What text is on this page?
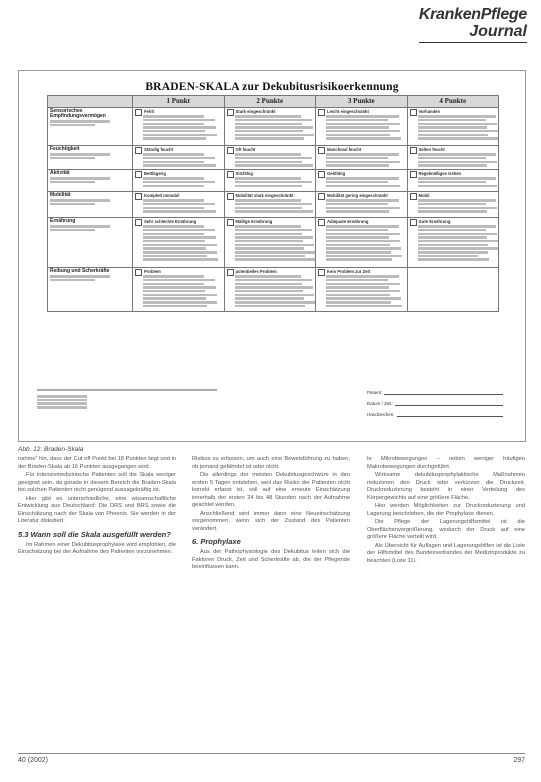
KrankenPflege
Journal
BRADEN-SKALA zur Dekubitusrisikoerkennung
	1 Punkt	2 Punkte	3 Punkte	4 Punkte

Sensorisches Empfindungsvermögen	Fehlt	Stark eingeschränkt	Leicht eingeschränkt	Vorhanden

Feuchtigkeit	Ständig feucht	Oft feucht	Manchmal feucht	Selten feucht

Aktivität	Bettlägerig	Sitzfähig	Gehfähig	Regelmäßiges Gehen

Mobilität	Komplett immobil	Mobilität stark eingeschränkt	Mobilität gering eingeschränkt	Mobil

Ernährung	Sehr schlechte Ernährung	Mäßige Ernährung	Adäquate Ernährung	Gute Ernährung

Reibung und Scherkräfte	Problem	potentielles Problem	Kein Problem zur Zeit	

Patient:
Datum / Zeit:
Handzeichen:
Abb. 12: Braden-Skala

nahme" hin, dass der Cut off Punkt bei 18 Punkten liegt und in der Braden-Skala ab 16 Punkten ausgegangen wird.

Für intensivmedizinische Patienten soll die Skala weniger geeignet sein, da gerade in diesem Bereich die Braden-Skala bei solchen Patienten nicht genügend aussagekräftig ist.

Hier gibt es unterschiedliche, eine wissenschaftliche Entwicklung aus Deutschland: Die DRS und BRS sowie die Einschätzung nach der Skala von Phoenix. Sie werden in der Literatur diskutiert.

5.3 Wann soll die Skala ausgefüllt werden?

Im Rahmen einer Dekubitusprophylaxe wird empfohlen, die Einschätzung bei der Aufnahme des Patienten vorzunehmen.

Risikos zu erfassen, um auch eine Beweisführung zu haben, ob jemand gefährdet ist oder nicht.

Die allerdings der meisten Dekubitusgeschwüre in den ersten 5 Tagen entstehen, weil das Risiko der Patienten nicht korrekt erfasst ist, soll auf eine erneute Einschätzung innerhalb der ersten 24 bis 48 Stunden nach der Aufnahme geachtet werden.

Anschließend wird immer dann eine Neueinschätzung vorgenommen, wenn sich der Zustand des Patienten verändert.

6. Prophylaxe

Aus der Pathophysiologie des Dekubitus leiten sich die Faktoren Druck, Zeit und Scherkräfte ab, die der Pflegende beeinflussen kann.

te Mikrobewegungen – neben weniger häufigen Makrobewegungen durchgeführt.

Wirksame dekubitusprophylaktische Maßnahmen reduzieren den Druck oder verkürzen die Druckzeit. Druckreduzierung besteht in einer Verteilung des Körpergewichts auf eine größere Fläche.

Hier werden Möglichkeiten zur Druckreduzierung und Lagerung beschrieben, die der Prophylaxe dienen.

Die Pflege der Lagerungshilfsmittel ist die Oberflächenvergrößerung, wodurch der Druck auf eine größere Fläche verteilt wird.

Als Übersicht für Auflagen und Lagerungshilfen ist die Liste der Hilfsmittel des Bundesverbandes der Medizinprodukte zu beachten (Liste 11).

40 (2002)	297
